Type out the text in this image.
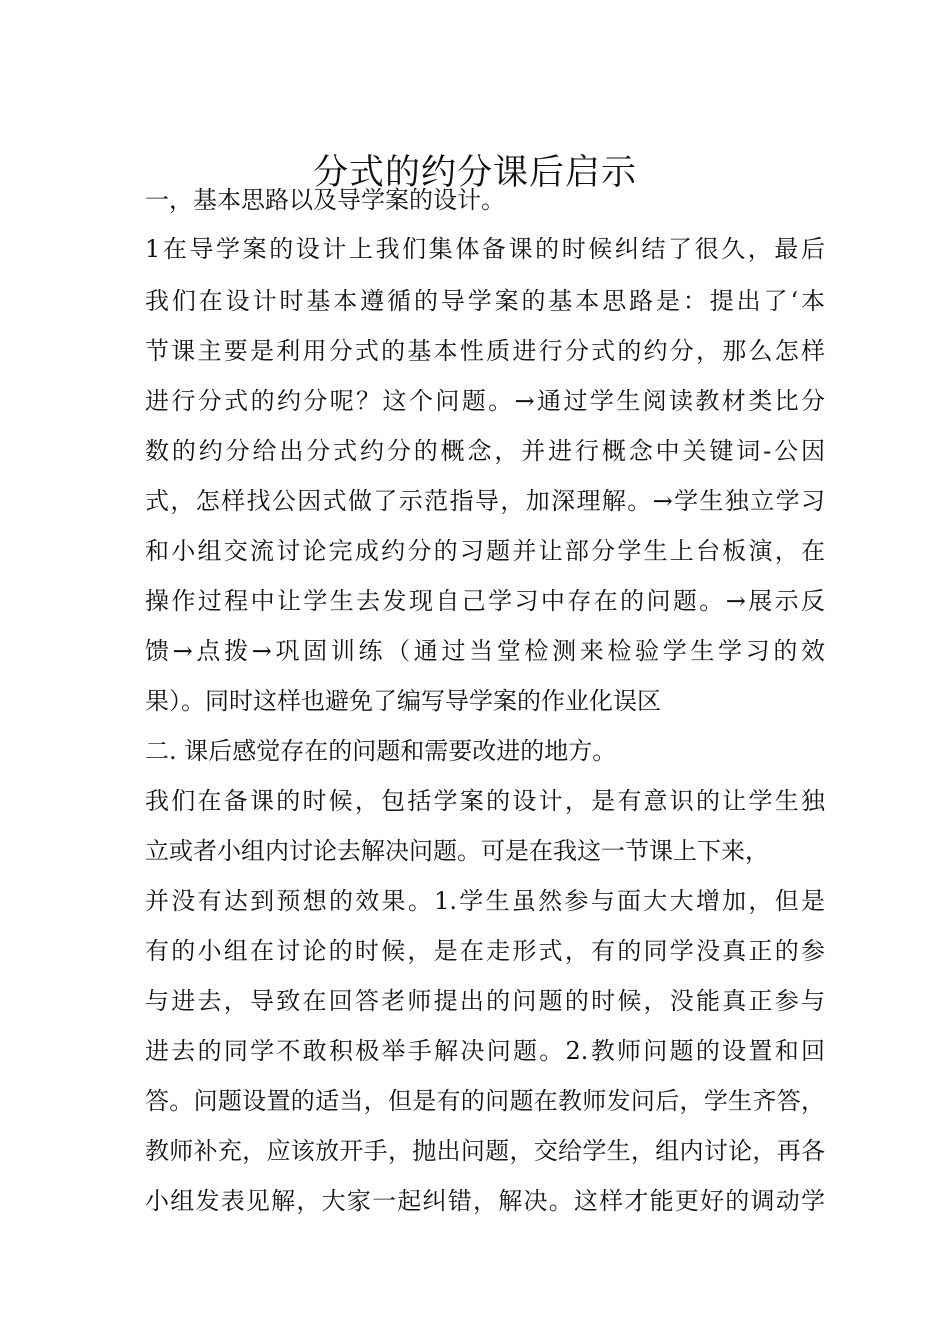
分式的约分课后启示
一，基本思路以及导学案的设计。
1在导学案的设计上我们集体备课的时候纠结了很久，最后
我们在设计时基本遵循的导学案的基本思路是：提出了‘本
节课主要是利用分式的基本性质进行分式的约分，那么怎样
进行分式的约分呢？这个问题。→通过学生阅读教材类比分
数的约分给出分式约分的概念，并进行概念中关键词-公因
式，怎样找公因式做了示范指导，加深理解。→学生独立学习
和小组交流讨论完成约分的习题并让部分学生上台板演，在
操作过程中让学生去发现自己学习中存在的问题。→展示反
馈→点拨→巩固训练（通过当堂检测来检验学生学习的效
果）。同时这样也避免了编写导学案的作业化误区
二. 课后感觉存在的问题和需要改进的地方。
我们在备课的时候，包括学案的设计，是有意识的让学生独
立或者小组内讨论去解决问题。可是在我这一节课上下来，
并没有达到预想的效果。1.学生虽然参与面大大增加，但是
有的小组在讨论的时候，是在走形式，有的同学没真正的参
与进去，导致在回答老师提出的问题的时候，没能真正参与
进去的同学不敢积极举手解决问题。2.教师问题的设置和回
答。问题设置的适当，但是有的问题在教师发问后，学生齐答，
教师补充，应该放开手，抛出问题，交给学生，组内讨论，再各
小组发表见解，大家一起纠错，解决。这样才能更好的调动学
